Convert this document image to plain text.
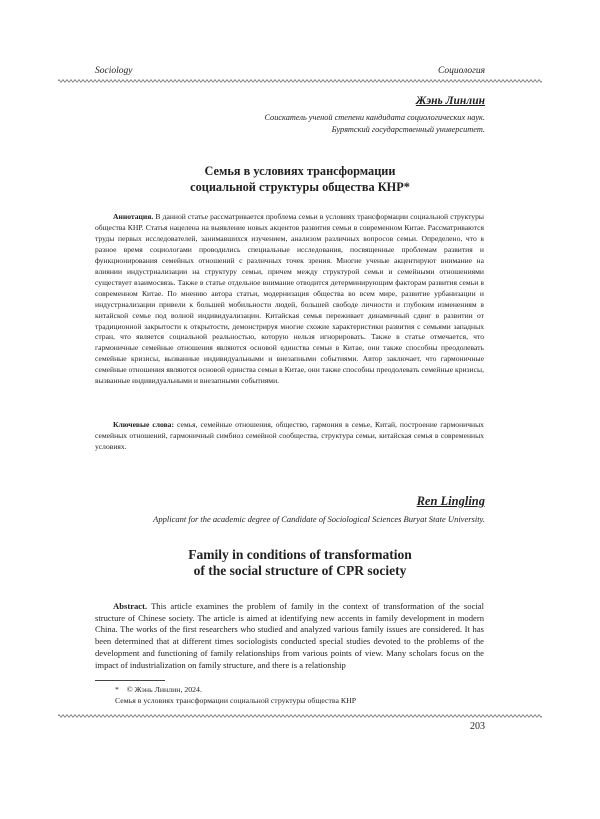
Sociology	Социология
Жэнь Линлин
Соискатель ученой степени кандидата социологических наук.
Бурятский государственный университет.
Семья в условиях трансформации
социальной структуры общества КНР*
Аннотация. В данной статье рассматривается проблема семьи в условиях трансформации социальной структуры общества КНР. Статья нацелена на выявление новых акцентов развития семьи в современном Китае. Рассматриваются труды первых исследователей, занимавшихся изучением, анализом различных вопросов семьи. Определено, что в разное время социологами проводились специальные исследования, посвященные проблемам развития и функционирования семейных отношений с различных точек зрения. Многие ученые акцентируют внимание на влиянии индустриализации на структуру семьи, причем между структурой семьи и семейными отношениями существует взаимосвязь. Также в статье отдельное внимание отводится детерминирующим факторам развития семьи в современном Китае. По мнению автора статьи, модернизация общества во всем мире, развитие урбанизации и индустриализации привели к большей мобильности людей, большей свободе личности и глубоким изменениям в китайской семье под волной индивидуализации. Китайская семья переживает динамичный сдвиг в развитии от традиционной закрытости к открытости, демонстрируя многие схожие характеристики развития с семьями западных стран, что является социальной реальностью, которую нельзя игнорировать. Также в статье отмечается, что гармоничные семейные отношения являются основой единства семьи в Китае, они также способны преодолевать семейные кризисы, вызванные индивидуальными и внезапными событиями. Автор заключает, что гармоничные семейные отношения являются основой единства семьи в Китае, они также способны преодолевать семейные кризисы, вызванные индивидуальными и внезапными событиями.
Ключевые слова: семья, семейные отношения, общество, гармония в семье, Китай, построение гармоничных семейных отношений, гармоничный симбиоз семейной сообщества, структура семьи, китайская семья в современных условиях.
Ren Lingling
Applicant for the academic degree of Candidate of Sociological Sciences Buryat State University.
Family in conditions of transformation
of the social structure of CPR society
Abstract. This article examines the problem of family in the context of transformation of the social structure of Chinese society. The article is aimed at identifying new accents in family development in modern China. The works of the first researchers who studied and analyzed various family issues are considered. It has been determined that at different times sociologists conducted special studies devoted to the problems of the development and functioning of family relationships from various points of view. Many scholars focus on the impact of industrialization on family structure, and there is a relationship
* © Жэнь Линлин, 2024.
Семья в условиях трансформации социальной структуры общества КНР
203
